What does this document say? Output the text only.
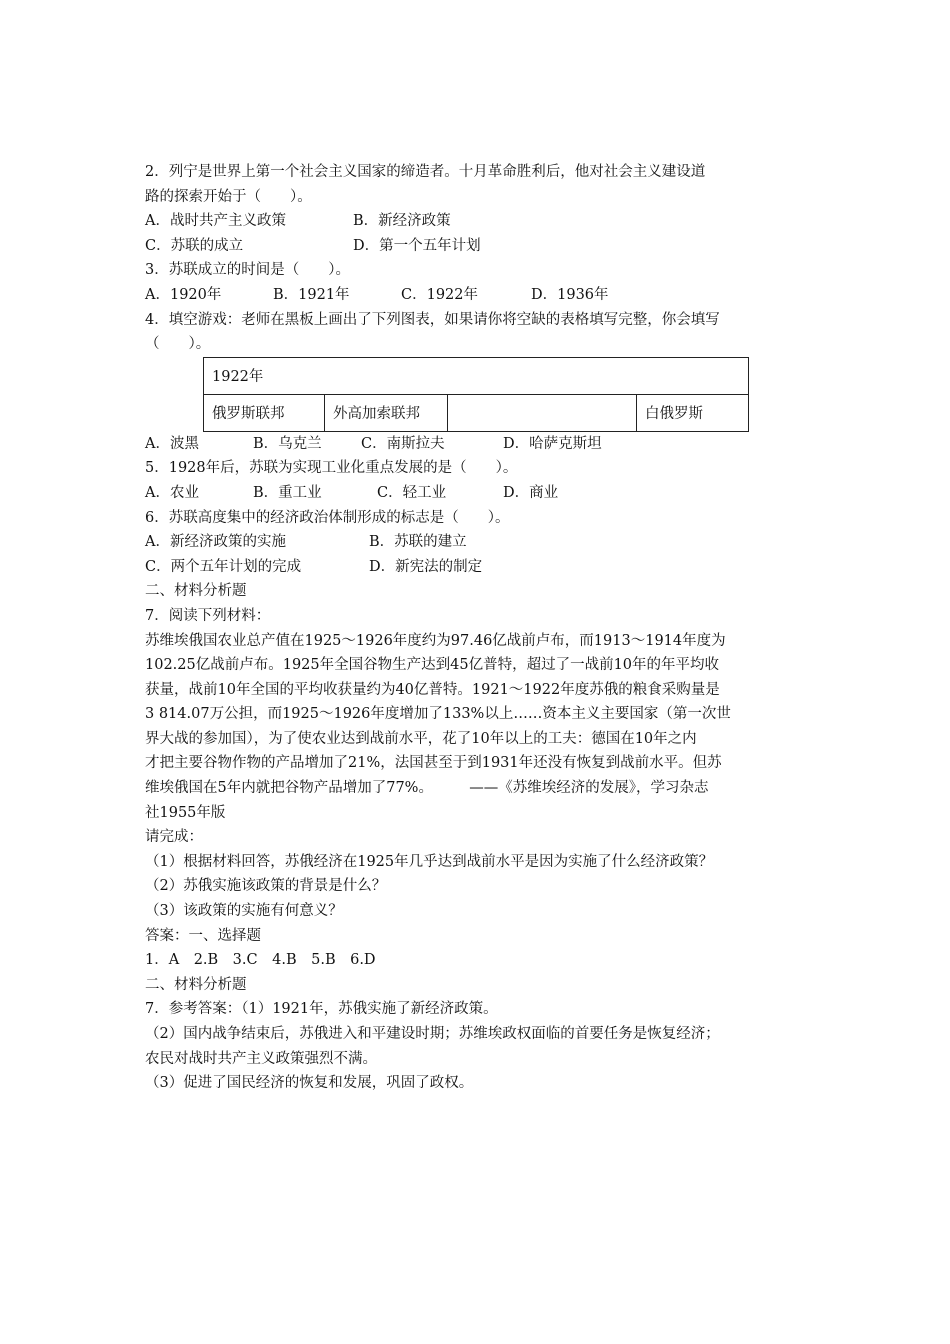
2．列宁是世界上第一个社会主义国家的缔造者。十月革命胜利后，他对社会主义建设道
路的探索开始于（　　）。
A．战时共产主义政策	B．新经济政策
C．苏联的成立	D．第一个五年计划
3．苏联成立的时间是（　　）。
A．1920年	B．1921年	C．1922年	D．1936年
4．填空游戏：老师在黑板上画出了下列图表，如果请你将空缺的表格填写完整，你会填写
（　　）。
1922年
俄罗斯联邦	外高加索联邦		白俄罗斯
A．波黑	B．乌克兰	C．南斯拉夫	D．哈萨克斯坦
5．1928年后，苏联为实现工业化重点发展的是（　　）。
A．农业	B．重工业	C．轻工业	D．商业
6．苏联高度集中的经济政治体制形成的标志是（　　）。
A．新经济政策的实施	B．苏联的建立
C．两个五年计划的完成	D．新宪法的制定
二、材料分析题
7．阅读下列材料：
苏维埃俄国农业总产值在1925～1926年度约为97.46亿战前卢布，而1913～1914年度为
102.25亿战前卢布。1925年全国谷物生产达到45亿普特，超过了一战前10年的年平均收
获量，战前10年全国的平均收获量约为40亿普特。1921～1922年度苏俄的粮食采购量是
3 814.07万公担，而1925～1926年度增加了133%以上……资本主义主要国家（第一次世
界大战的参加国），为了使农业达到战前水平，花了10年以上的工夫：德国在10年之内
才把主要谷物作物的产品增加了21%，法国甚至于到1931年还没有恢复到战前水平。但苏
维埃俄国在5年内就把谷物产品增加了77%。　　　——《苏维埃经济的发展》，学习杂志
社1955年版
请完成：
（1）根据材料回答，苏俄经济在1925年几乎达到战前水平是因为实施了什么经济政策？
（2）苏俄实施该政策的背景是什么？
（3）该政策的实施有何意义？
答案：一、选择题
1．A　2.B　3.C　4.B　5.B　6.D
二、材料分析题
7．参考答案：（1）1921年，苏俄实施了新经济政策。
（2）国内战争结束后，苏俄进入和平建设时期；苏维埃政权面临的首要任务是恢复经济；
农民对战时共产主义政策强烈不满。
（3）促进了国民经济的恢复和发展，巩固了政权。
